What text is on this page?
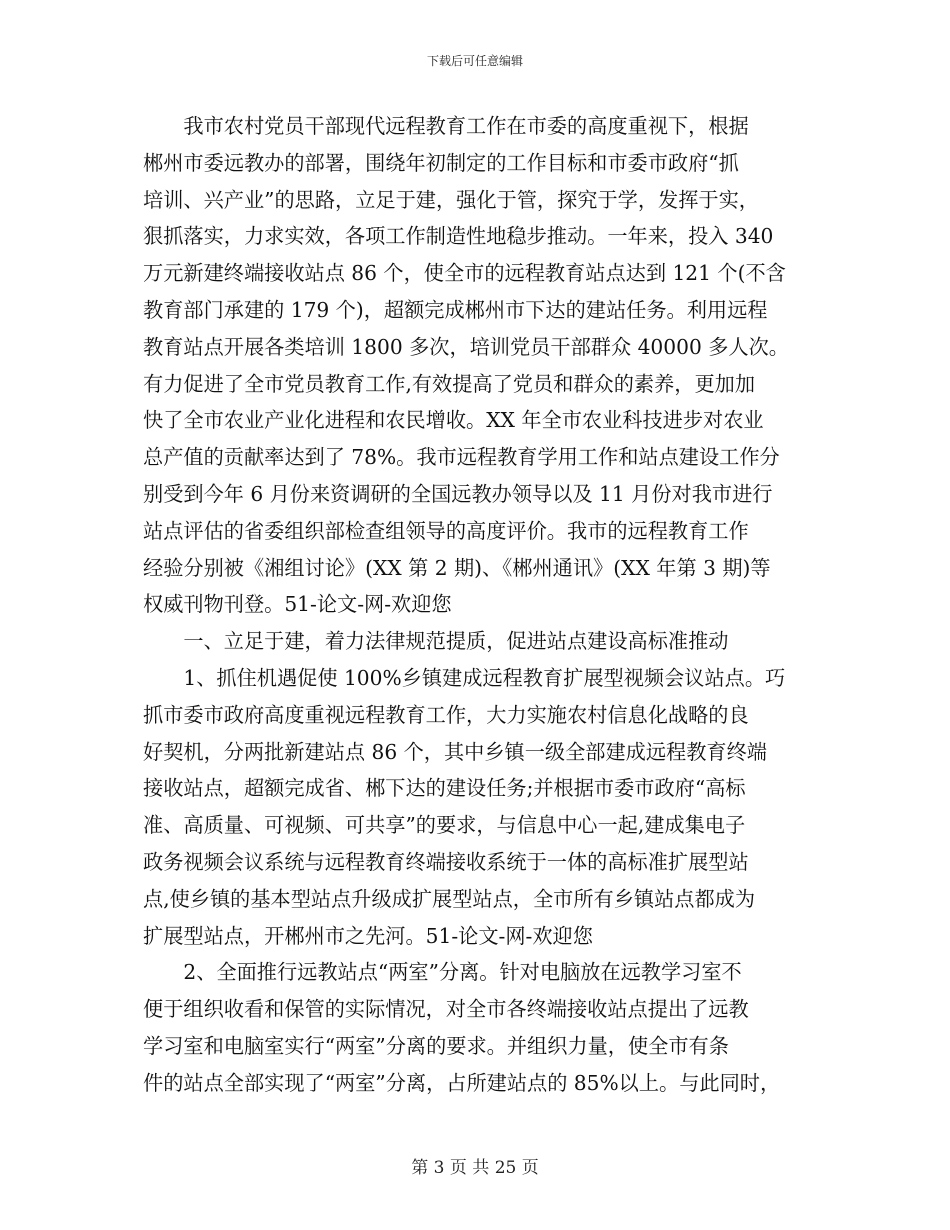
下载后可任意编辑
　　我市农村党员干部现代远程教育工作在市委的高度重视下，根据
郴州市委远教办的部署，围绕年初制定的工作目标和市委市政府“抓
培训、兴产业”的思路，立足于建，强化于管，探究于学，发挥于实，
狠抓落实，力求实效，各项工作制造性地稳步推动。一年来，投入 340
万元新建终端接收站点 86 个，使全市的远程教育站点达到 121 个(不含
教育部门承建的 179 个)，超额完成郴州市下达的建站任务。利用远程
教育站点开展各类培训 1800 多次，培训党员干部群众 40000 多人次。
有力促进了全市党员教育工作,有效提高了党员和群众的素养，更加加
快了全市农业产业化进程和农民增收。XX 年全市农业科技进步对农业
总产值的贡献率达到了 78%。我市远程教育学用工作和站点建设工作分
别受到今年 6 月份来资调研的全国远教办领导以及 11 月份对我市进行
站点评估的省委组织部检查组领导的高度评价。我市的远程教育工作
经验分别被《湘组讨论》(XX 第 2 期)、《郴州通讯》(XX 年第 3 期)等
权威刊物刊登。51-论文-网-欢迎您
　　一、立足于建，着力法律规范提质，促进站点建设高标准推动
　　1、抓住机遇促使 100%乡镇建成远程教育扩展型视频会议站点。巧
抓市委市政府高度重视远程教育工作，大力实施农村信息化战略的良
好契机，分两批新建站点 86 个，其中乡镇一级全部建成远程教育终端
接收站点，超额完成省、郴下达的建设任务;并根据市委市政府“高标
准、高质量、可视频、可共享”的要求，与信息中心一起,建成集电子
政务视频会议系统与远程教育终端接收系统于一体的高标准扩展型站
点,使乡镇的基本型站点升级成扩展型站点，全市所有乡镇站点都成为
扩展型站点，开郴州市之先河。51-论文-网-欢迎您
　　2、全面推行远教站点“两室”分离。针对电脑放在远教学习室不
便于组织收看和保管的实际情况，对全市各终端接收站点提出了远教
学习室和电脑室实行“两室”分离的要求。并组织力量，使全市有条
件的站点全部实现了“两室”分离，占所建站点的 85%以上。与此同时，
第 3 页 共 25 页
